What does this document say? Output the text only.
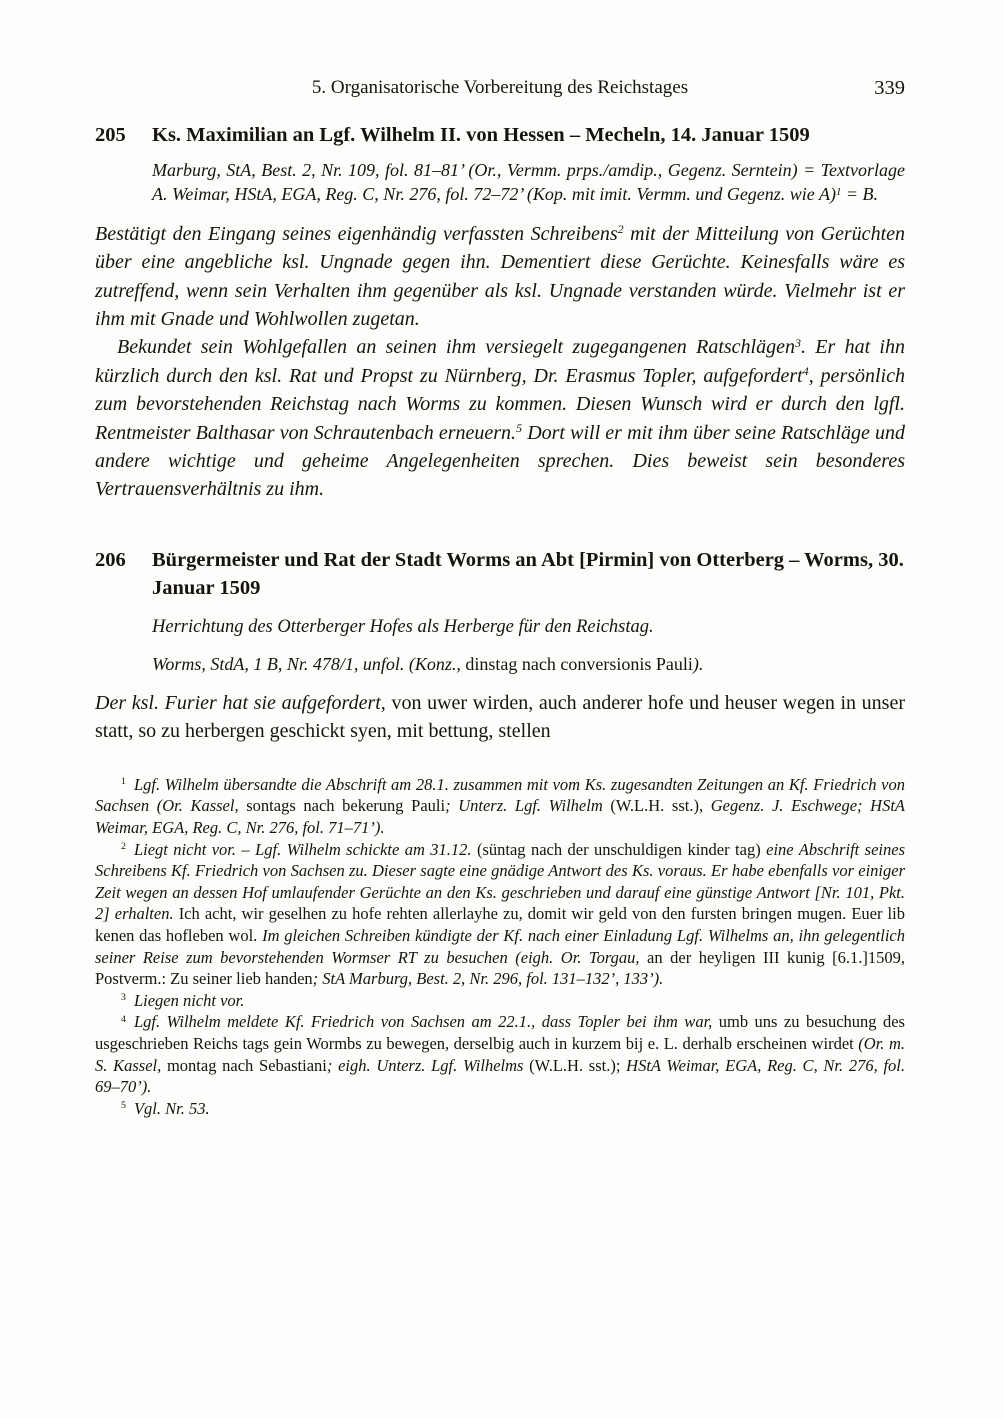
5. Organisatorische Vorbereitung des Reichstages	339
205	Ks. Maximilian an Lgf. Wilhelm II. von Hessen – Mecheln, 14. Januar 1509

Marburg, StA, Best. 2, Nr. 109, fol. 81–81’ (Or., Vermm. prps./amdip., Gegenz. Serntein) = Textvorlage A. Weimar, HStA, EGA, Reg. C, Nr. 276, fol. 72–72’ (Kop. mit imit. Vermm. und Gegenz. wie A)$^1$ = B.

Bestätigt den Eingang seines eigenhändig verfassten Schreibens$^2$ mit der Mitteilung von Gerüchten über eine angebliche ksl. Ungnade gegen ihn. Dementiert diese Gerüchte. Keinesfalls wäre es zutreffend, wenn sein Verhalten ihm gegenüber als ksl. Ungnade verstanden würde. Vielmehr ist er ihm mit Gnade und Wohlwollen zugetan.

Bekundet sein Wohlgefallen an seinen ihm versiegelt zugegangenen Ratschlägen$^3$. Er hat ihn kürzlich durch den ksl. Rat und Propst zu Nürnberg, Dr. Erasmus Topler, aufgefordert$^4$, persönlich zum bevorstehenden Reichstag nach Worms zu kommen. Diesen Wunsch wird er durch den lgfl. Rentmeister Balthasar von Schrautenbach erneuern.$^5$ Dort will er mit ihm über seine Ratschläge und andere wichtige und geheime Angelegenheiten sprechen. Dies beweist sein besonderes Vertrauensverhältnis zu ihm.

206	Bürgermeister und Rat der Stadt Worms an Abt [Pirmin] von Otterberg – Worms, 30. Januar 1509

Herrichtung des Otterberger Hofes als Herberge für den Reichstag.

Worms, StdA, 1 B, Nr. 478/1, unfol. (Konz., dinstag nach conversionis Pauli).

Der ksl. Furier hat sie aufgefordert, von uwer wirden, auch anderer hofe und heuser wegen in unser statt, so zu herbergen geschickt syen, mit bettung, stellen

$^1$ Lgf. Wilhelm übersandte die Abschrift am 28.1. zusammen mit vom Ks. zugesandten Zeitungen an Kf. Friedrich von Sachsen (Or. Kassel, sontags nach bekerung Pauli; Unterz. Lgf. Wilhelm (W.L.H. sst.), Gegenz. J. Eschwege; HStA Weimar, EGA, Reg. C, Nr. 276, fol. 71–71’).

$^2$ Liegt nicht vor. – Lgf. Wilhelm schickte am 31.12. (süntag nach der unschuldigen kinder tag) eine Abschrift seines Schreibens Kf. Friedrich von Sachsen zu. Dieser sagte eine gnädige Antwort des Ks. voraus. Er habe ebenfalls vor einiger Zeit wegen an dessen Hof umlaufender Gerüchte an den Ks. geschrieben und darauf eine günstige Antwort [Nr. 101, Pkt. 2] erhalten. Ich acht, wir geselhen zu hofe rehten allerlayhe zu, domit wir geld von den fursten bringen mugen. Euer lib kenen das hofleben wol. Im gleichen Schreiben kündigte der Kf. nach einer Einladung Lgf. Wilhelms an, ihn gelegentlich seiner Reise zum bevorstehenden Wormser RT zu besuchen (eigh. Or. Torgau, an der heyligen III kunig [6.1.]1509, Postverm.: Zu seiner lieb handen; StA Marburg, Best. 2, Nr. 296, fol. 131–132’, 133’).

$^3$ Liegen nicht vor.

$^4$ Lgf. Wilhelm meldete Kf. Friedrich von Sachsen am 22.1., dass Topler bei ihm war, umb uns zu besuchung des usgeschrieben Reichs tags gein Wormbs zu bewegen, derselbig auch in kurzem bij e. L. derhalb erscheinen wirdet (Or. m. S. Kassel, montag nach Sebastiani; eigh. Unterz. Lgf. Wilhelms (W.L.H. sst.); HStA Weimar, EGA, Reg. C, Nr. 276, fol. 69–70’).

$^5$ Vgl. Nr. 53.
